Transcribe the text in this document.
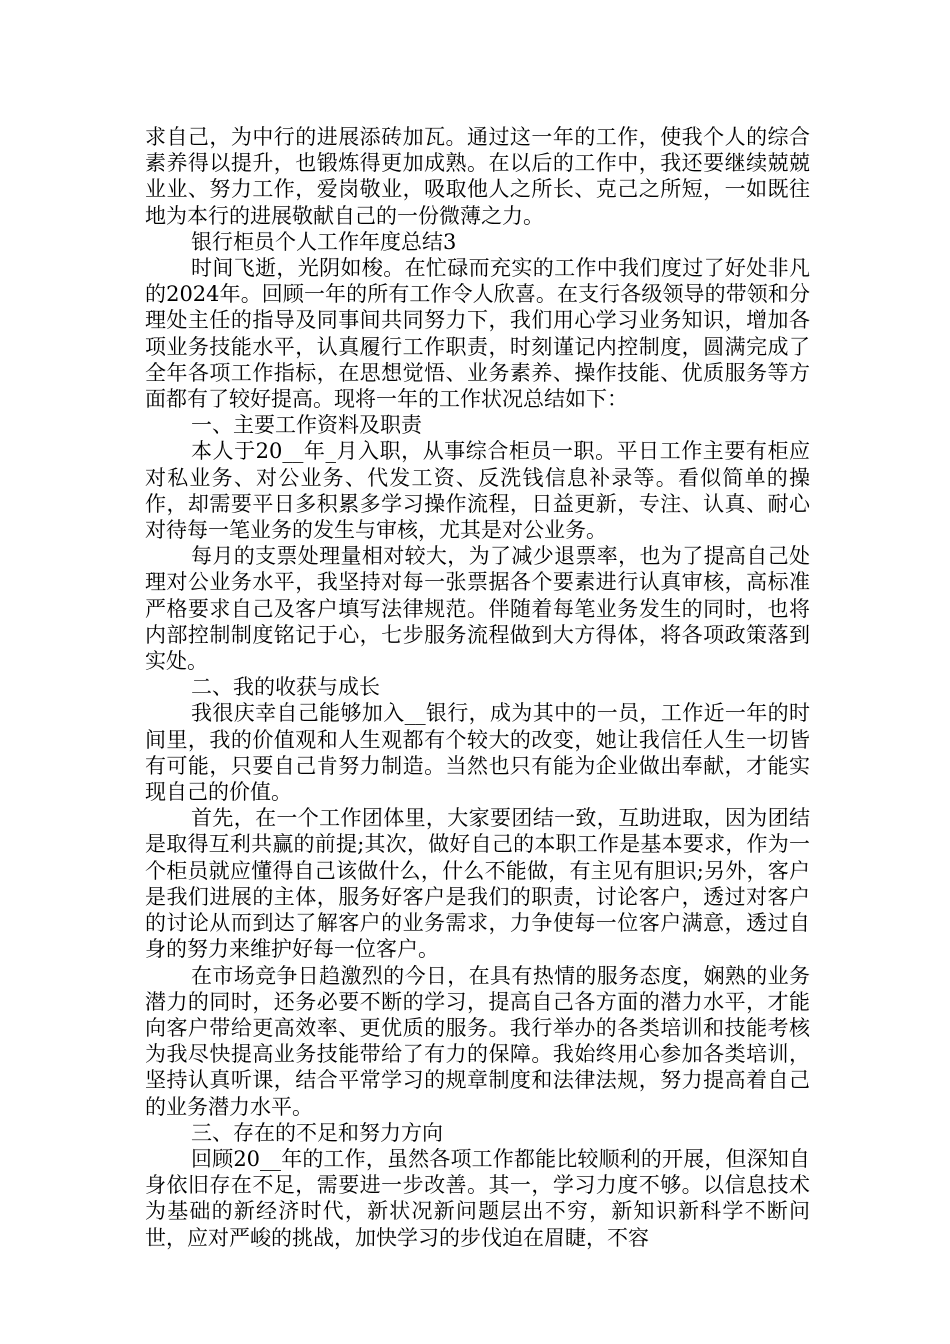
求自己，为中行的进展添砖加瓦。通过这一年的工作，使我个人的综合素养得以提升，也锻炼得更加成熟。在以后的工作中，我还要继续兢兢业业、努力工作，爱岗敬业，吸取他人之所长、克己之所短，一如既往地为本行的进展敬献自己的一份微薄之力。

银行柜员个人工作年度总结3

时间飞逝，光阴如梭。在忙碌而充实的工作中我们度过了好处非凡的2024年。回顾一年的所有工作令人欣喜。在支行各级领导的带领和分理处主任的指导及同事间共同努力下，我们用心学习业务知识，增加各项业务技能水平，认真履行工作职责，时刻谨记内控制度，圆满完成了全年各项工作指标，在思想觉悟、业务素养、操作技能、优质服务等方面都有了较好提高。现将一年的工作状况总结如下：

一、主要工作资料及职责

本人于20__年_月入职，从事综合柜员一职。平日工作主要有柜应对私业务、对公业务、代发工资、反洗钱信息补录等。看似简单的操作，却需要平日多积累多学习操作流程，日益更新，专注、认真、耐心对待每一笔业务的发生与审核，尤其是对公业务。

每月的支票处理量相对较大，为了减少退票率，也为了提高自己处理对公业务水平，我坚持对每一张票据各个要素进行认真审核，高标准严格要求自己及客户填写法律规范。伴随着每笔业务发生的同时，也将内部控制制度铭记于心，七步服务流程做到大方得体，将各项政策落到实处。

二、我的收获与成长

我很庆幸自己能够加入__银行，成为其中的一员，工作近一年的时间里，我的价值观和人生观都有个较大的改变，她让我信任人生一切皆有可能，只要自己肯努力制造。当然也只有能为企业做出奉献，才能实现自己的价值。

首先，在一个工作团体里，大家要团结一致，互助进取，因为团结是取得互利共赢的前提;其次，做好自己的本职工作是基本要求，作为一个柜员就应懂得自己该做什么，什么不能做，有主见有胆识;另外，客户是我们进展的主体，服务好客户是我们的职责，讨论客户，透过对客户的讨论从而到达了解客户的业务需求，力争使每一位客户满意，透过自身的努力来维护好每一位客户。

在市场竞争日趋激烈的今日，在具有热情的服务态度，娴熟的业务潜力的同时，还务必要不断的学习，提高自己各方面的潜力水平，才能向客户带给更高效率、更优质的服务。我行举办的各类培训和技能考核为我尽快提高业务技能带给了有力的保障。我始终用心参加各类培训，坚持认真听课，结合平常学习的规章制度和法律法规，努力提高着自己的业务潜力水平。

三、存在的不足和努力方向

回顾20__年的工作，虽然各项工作都能比较顺利的开展，但深知自身依旧存在不足，需要进一步改善。其一，学习力度不够。以信息技术为基础的新经济时代，新状况新问题层出不穷，新知识新科学不断问世，应对严峻的挑战，加快学习的步伐迫在眉睫，不容
